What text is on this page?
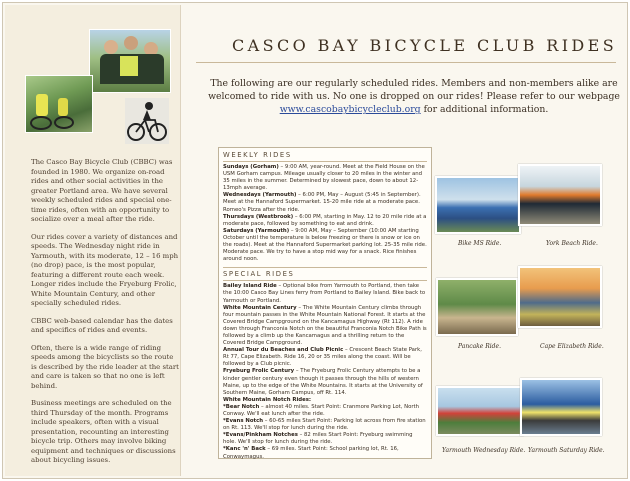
The Casco Bay Bicycle Club (CBBC) was founded in 1980. We organize on-road rides and other social activities in the greater Portland area. We have several weekly scheduled rides and special one-time rides, often with an opportunity to socialize over a meal after the ride.

Our rides cover a variety of distances and speeds. The Wednesday night ride in Yarmouth, with its moderate, 12 – 16 mph (no drop) pace, is the most popular, featuring a different route each week. Longer rides include the Fryeburg Frolic, White Mountain Century, and other specially scheduled rides.

CBBC web-based calendar has the dates and specifics of rides and events.

Often, there is a wide range of riding speeds among the bicyclists so the route is described by the ride leader at the start and care is taken so that no one is left behind.

Business meetings are scheduled on the third Thursday of the month. Programs include speakers, often with a visual presentation, recounting an interesting bicycle trip. Others may involve biking equipment and techniques or discussions about bicycling issues.

CASCO BAY BICYCLE CLUB RIDES
The following are our regularly scheduled rides. Members and non-members alike are welcomed to ride with us. No one is dropped on our rides! Please refer to our webpage www.cascobaybicycleclub.org for additional information.
WEEKLY RIDES
Sundays (Gorham) – 9:00 AM, year-round. Meet at the Field House on the USM Gorham campus. Mileage usually closer to 20 miles in the winter and 35 miles in the summer. Determined by slowest pace, down to about 12-13mph average.
Wednesdays (Yarmouth) – 6:00 PM, May – August (5:45 in September). Meet at the Hannaford Supermarket. 15-20 mile ride at a moderate pace. Romeo's Pizza after the ride.
Thursdays (Westbrook) – 6:00 PM, starting in May. 12 to 20 mile ride at a moderate pace, followed by something to eat and drink.
Saturdays (Yarmouth) – 9:00 AM, May – September (10:00 AM starting October until the temperature is below freezing or there is snow or ice on the roads). Meet at the Hannaford Supermarket parking lot. 25-35 mile ride. Moderate pace. We try to have a stop mid way for a snack. Rice finishes around noon.
SPECIAL RIDES
Bailey Island Ride – Optional bike from Yarmouth to Portland, then take the 10:00 Casco Bay Lines ferry from Portland to Bailey Island. Bike back to Yarmouth or Portland.
White Mountain Century – The White Mountain Century climbs through four mountain passes in the White Mountain National Forest. It starts at the Covered Bridge Campground on the Kancamagus Highway (Rt 112). A ride down through Franconia Notch on the beautiful Franconia Notch Bike Path is followed by a climb up the Kancamagus and a thrilling return to the Covered Bridge Campground.
Annual Tour du Beaches and Club Picnic – Crescent Beach State Park, Rt 77, Cape Elizabeth. Ride 16, 20 or 35 miles along the coast. Will be followed by a Club picnic.
Fryeburg Frolic Century – The Fryeburg Frolic Century attempts to be a kinder gentler century even though it passes through the hills of western Maine, up to the edge of the White Mountains. It starts at the University of Southern Maine, Gorham Campus, off Rt. 114.
White Mountain Notch Rides:
*Bear Notch – almost 40 miles. Start Point: Cranmore Parking Lot, North Conway. We'll eat lunch after the ride.
*Evans Notch – 60-65 miles Start Point: Parking lot across from fire station on Rt. 113. We'll stop for lunch during the ride.
*Evans/Pinkham Notches – 82 miles Start Point: Fryeburg swimming hole. We'll stop for lunch during the ride.
*Kanc 'n' Back – 69 miles. Start Point: School parking lot, Rt. 16, Conwaymagus.
Bike MS Ride.	York Beach Ride.
Pancake Ride.	Cape Elizabeth Ride.
Yarmouth Wednesday Ride. Yarmouth Saturday Ride.
